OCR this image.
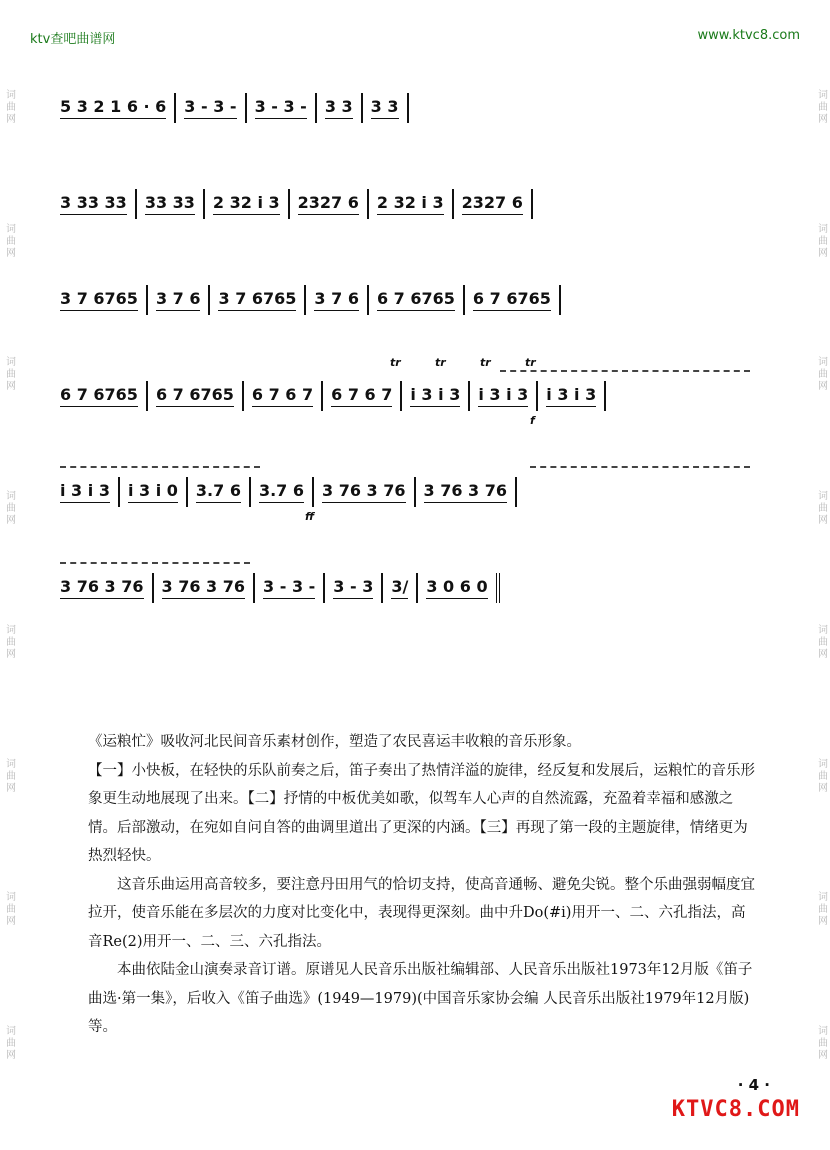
词曲网
词曲网
词曲网
词曲网
词曲网
词曲网
词曲网
词曲网
词曲网
词曲网
词曲网
词曲网
词曲网
词曲网
词曲网
词曲网
ktv查吧曲谱网	www.ktvc8.com
5 3 2 1 6 · 6 3 - 3 - 3 - 3 - 3 3 3 3
3 33 33 33 33 2 32 i 3 2327 6 2 32 i 3 2327 6
3 7 6765 3 7 6 3 7 6765 3 7 6 6 7 6765 6 7 6765
6 7 6765 6 7 6765 6 7 6 7 6 7 6 7 i 3 i 3 i 3 i 3 i 3 i 3
tr	tr	tr	tr
f
i 3 i 3 i 3 i 0 3.7 6 3.7 6 3 76 3 76 3 76 3 76
ff
3 76 3 76 3 76 3 76 3 - 3 - 3 - 3 3/ 3 0 6 0

《运粮忙》吸收河北民间音乐素材创作，塑造了农民喜运丰收粮的音乐形象。

【一】小快板，在轻快的乐队前奏之后，笛子奏出了热情洋溢的旋律，经反复和发展后，运粮忙的音乐形象更生动地展现了出来。【二】抒情的中板优美如歌，似驾车人心声的自然流露，充盈着幸福和感激之情。后部激动，在宛如自问自答的曲调里道出了更深的内涵。【三】再现了第一段的主题旋律，情绪更为热烈轻快。

这音乐曲运用高音较多，要注意丹田用气的恰切支持，使高音通畅、避免尖锐。整个乐曲强弱幅度宜拉开，使音乐能在多层次的力度对比变化中，表现得更深刻。曲中升Do(#i)用开一、二、六孔指法，高音Re(2)用开一、二、三、六孔指法。

本曲依陆金山演奏录音订谱。原谱见人民音乐出版社编辑部、人民音乐出版社1973年12月版《笛子曲选·第一集》，后收入《笛子曲选》(1949—1979)(中国音乐家协会编 人民音乐出版社1979年12月版)等。

· 4 ·
KTVC8.COM
